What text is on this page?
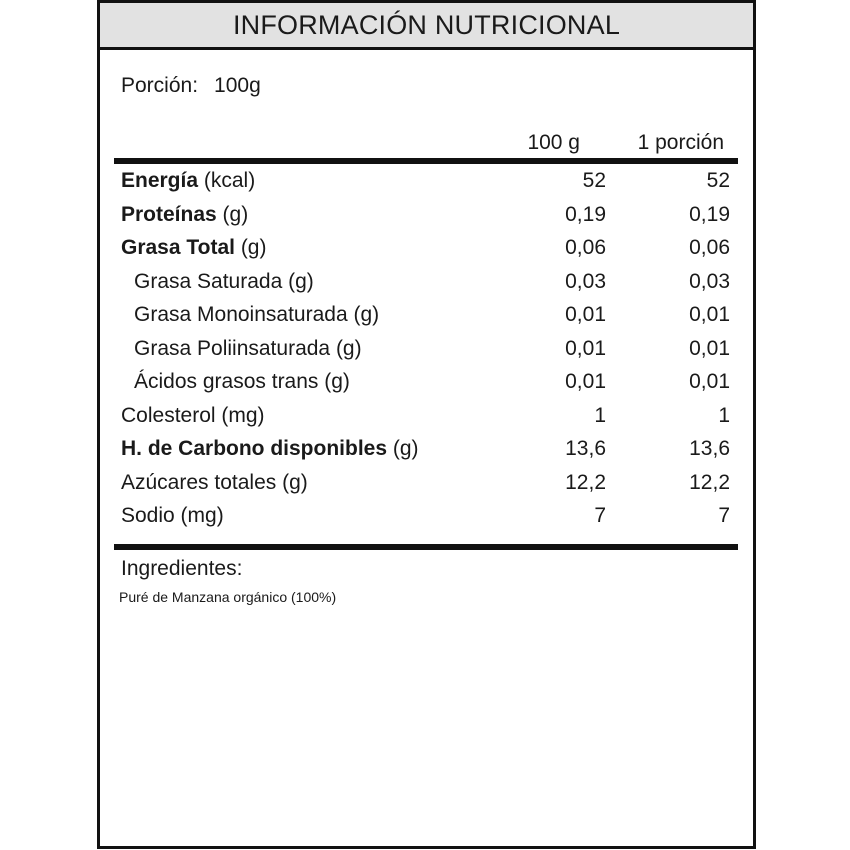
INFORMACIÓN NUTRICIONAL
Porción: 100g
100 g	1 porción
Energía (kcal)	52	52
Proteínas (g)	0,19	0,19
Grasa Total (g)	0,06	0,06
Grasa Saturada (g)	0,03	0,03
Grasa Monoinsaturada (g)	0,01	0,01
Grasa Poliinsaturada (g)	0,01	0,01
Ácidos grasos trans (g)	0,01	0,01
Colesterol (mg)	1	1
H. de Carbono disponibles (g)	13,6	13,6
Azúcares totales (g)	12,2	12,2
Sodio (mg)	7	7
Ingredientes:
Puré de Manzana orgánico (100%)
